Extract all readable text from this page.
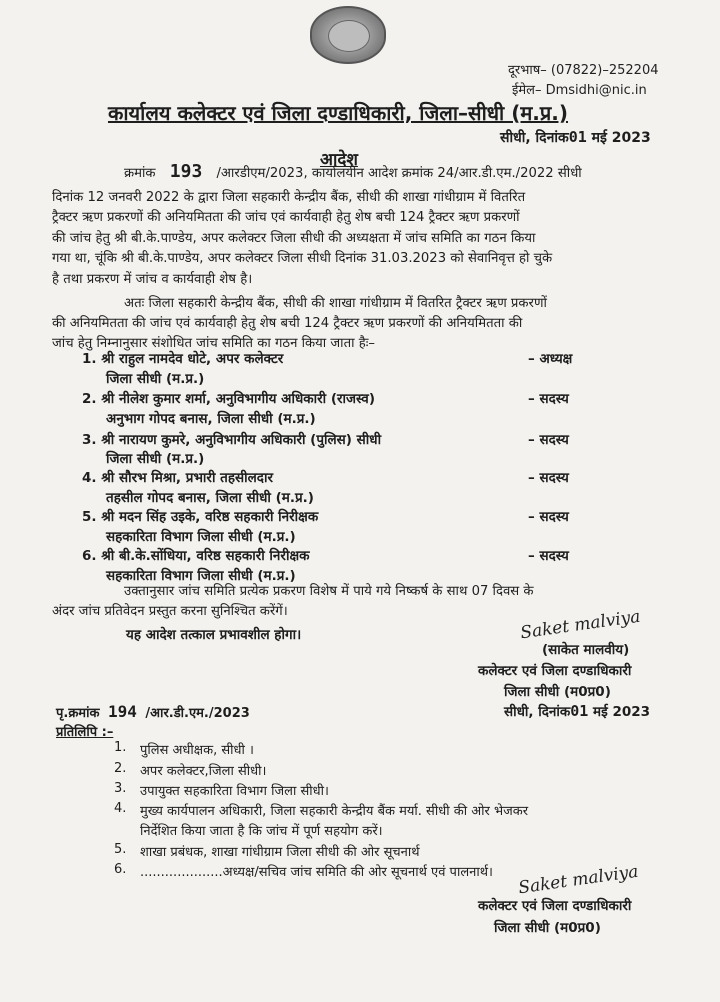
दूरभाष– (07822)–252204
ईमेल– Dmsidhi@nic.in
कार्यालय कलेक्टर एवं जिला दण्डाधिकारी, जिला–सीधी (म.प्र.)
सीधी, दिनांक01 मई 2023
आदेश
क्रमांक 193 /आरडीएम/2023, कार्यालयीन आदेश क्रमांक 24/आर.डी.एम./2022 सीधी
दिनांक 12 जनवरी 2022 के द्वारा जिला सहकारी केन्द्रीय बैंक, सीधी की शाखा गांधीग्राम में वितरित
ट्रैक्टर ऋण प्रकरणों की अनियमितता की जांच एवं कार्यवाही हेतु शेष बची 124 ट्रैक्टर ऋण प्रकरणों
की जांच हेतु श्री बी.के.पाण्डेय, अपर कलेक्टर जिला सीधी की अध्यक्षता में जांच समिति का गठन किया
गया था, चूंकि श्री बी.के.पाण्डेय, अपर कलेक्टर जिला सीधी दिनांक 31.03.2023 को सेवानिवृत्त हो चुके
है तथा प्रकरण में जांच व कार्यवाही शेष है।
अतः जिला सहकारी केन्द्रीय बैंक, सीधी की शाखा गांधीग्राम में वितरित ट्रैक्टर ऋण प्रकरणों
की अनियमितता की जांच एवं कार्यवाही हेतु शेष बची 124 ट्रैक्टर ऋण प्रकरणों की अनियमितता की
जांच हेतु निम्नानुसार संशोधित जांच समिति का गठन किया जाता हैः–
1. श्री राहुल नामदेव धोटे, अपर कलेक्टर
जिला सीधी (म.प्र.)
– अध्यक्ष
2. श्री नीलेश कुमार शर्मा, अनुविभागीय अधिकारी (राजस्व)
अनुभाग गोपद बनास, जिला सीधी (म.प्र.)
– सदस्य
3. श्री नारायण कुमरे, अनुविभागीय अधिकारी (पुलिस) सीधी
जिला सीधी (म.प्र.)
– सदस्य
4. श्री सौरभ मिश्रा, प्रभारी तहसीलदार
तहसील गोपद बनास, जिला सीधी (म.प्र.)
– सदस्य
5. श्री मदन सिंह उइके, वरिष्ठ सहकारी निरीक्षक
सहकारिता विभाग जिला सीधी (म.प्र.)
– सदस्य
6. श्री बी.के.सोंधिया, वरिष्ठ सहकारी निरीक्षक
सहकारिता विभाग जिला सीधी (म.प्र.)
– सदस्य
उक्तानुसार जांच समिति प्रत्येक प्रकरण विशेष में पाये गये निष्कर्ष के साथ 07 दिवस के
अंदर जांच प्रतिवेदन प्रस्तुत करना सुनिश्चित करेंगें।
यह आदेश तत्काल प्रभावशील होगा।	Saket malviya
(साकेत मालवीय)
कलेक्टर एवं जिला दण्डाधिकारी
जिला सीधी (म0प्र0)
सीधी, दिनांक01 मई 2023
पृ.क्रमांक 194 /आर.डी.एम./2023
प्रतिलिपि :–
1. पुलिस अधीक्षक, सीधी ।
2. अपर कलेक्टर,जिला सीधी।
3. उपायुक्त सहकारिता विभाग जिला सीधी।
4. मुख्य कार्यपालन अधिकारी, जिला सहकारी केन्द्रीय बैंक मर्या. सीधी की ओर भेजकर
निर्देशित किया जाता है कि जांच में पूर्ण सहयोग करें।
5. शाखा प्रबंधक, शाखा गांधीग्राम जिला सीधी की ओर सूचनार्थ
6. ....................अध्यक्ष/सचिव जांच समिति की ओर सूचनार्थ एवं पालनार्थ। Saket malviya
कलेक्टर एवं जिला दण्डाधिकारी
जिला सीधी (म0प्र0)
